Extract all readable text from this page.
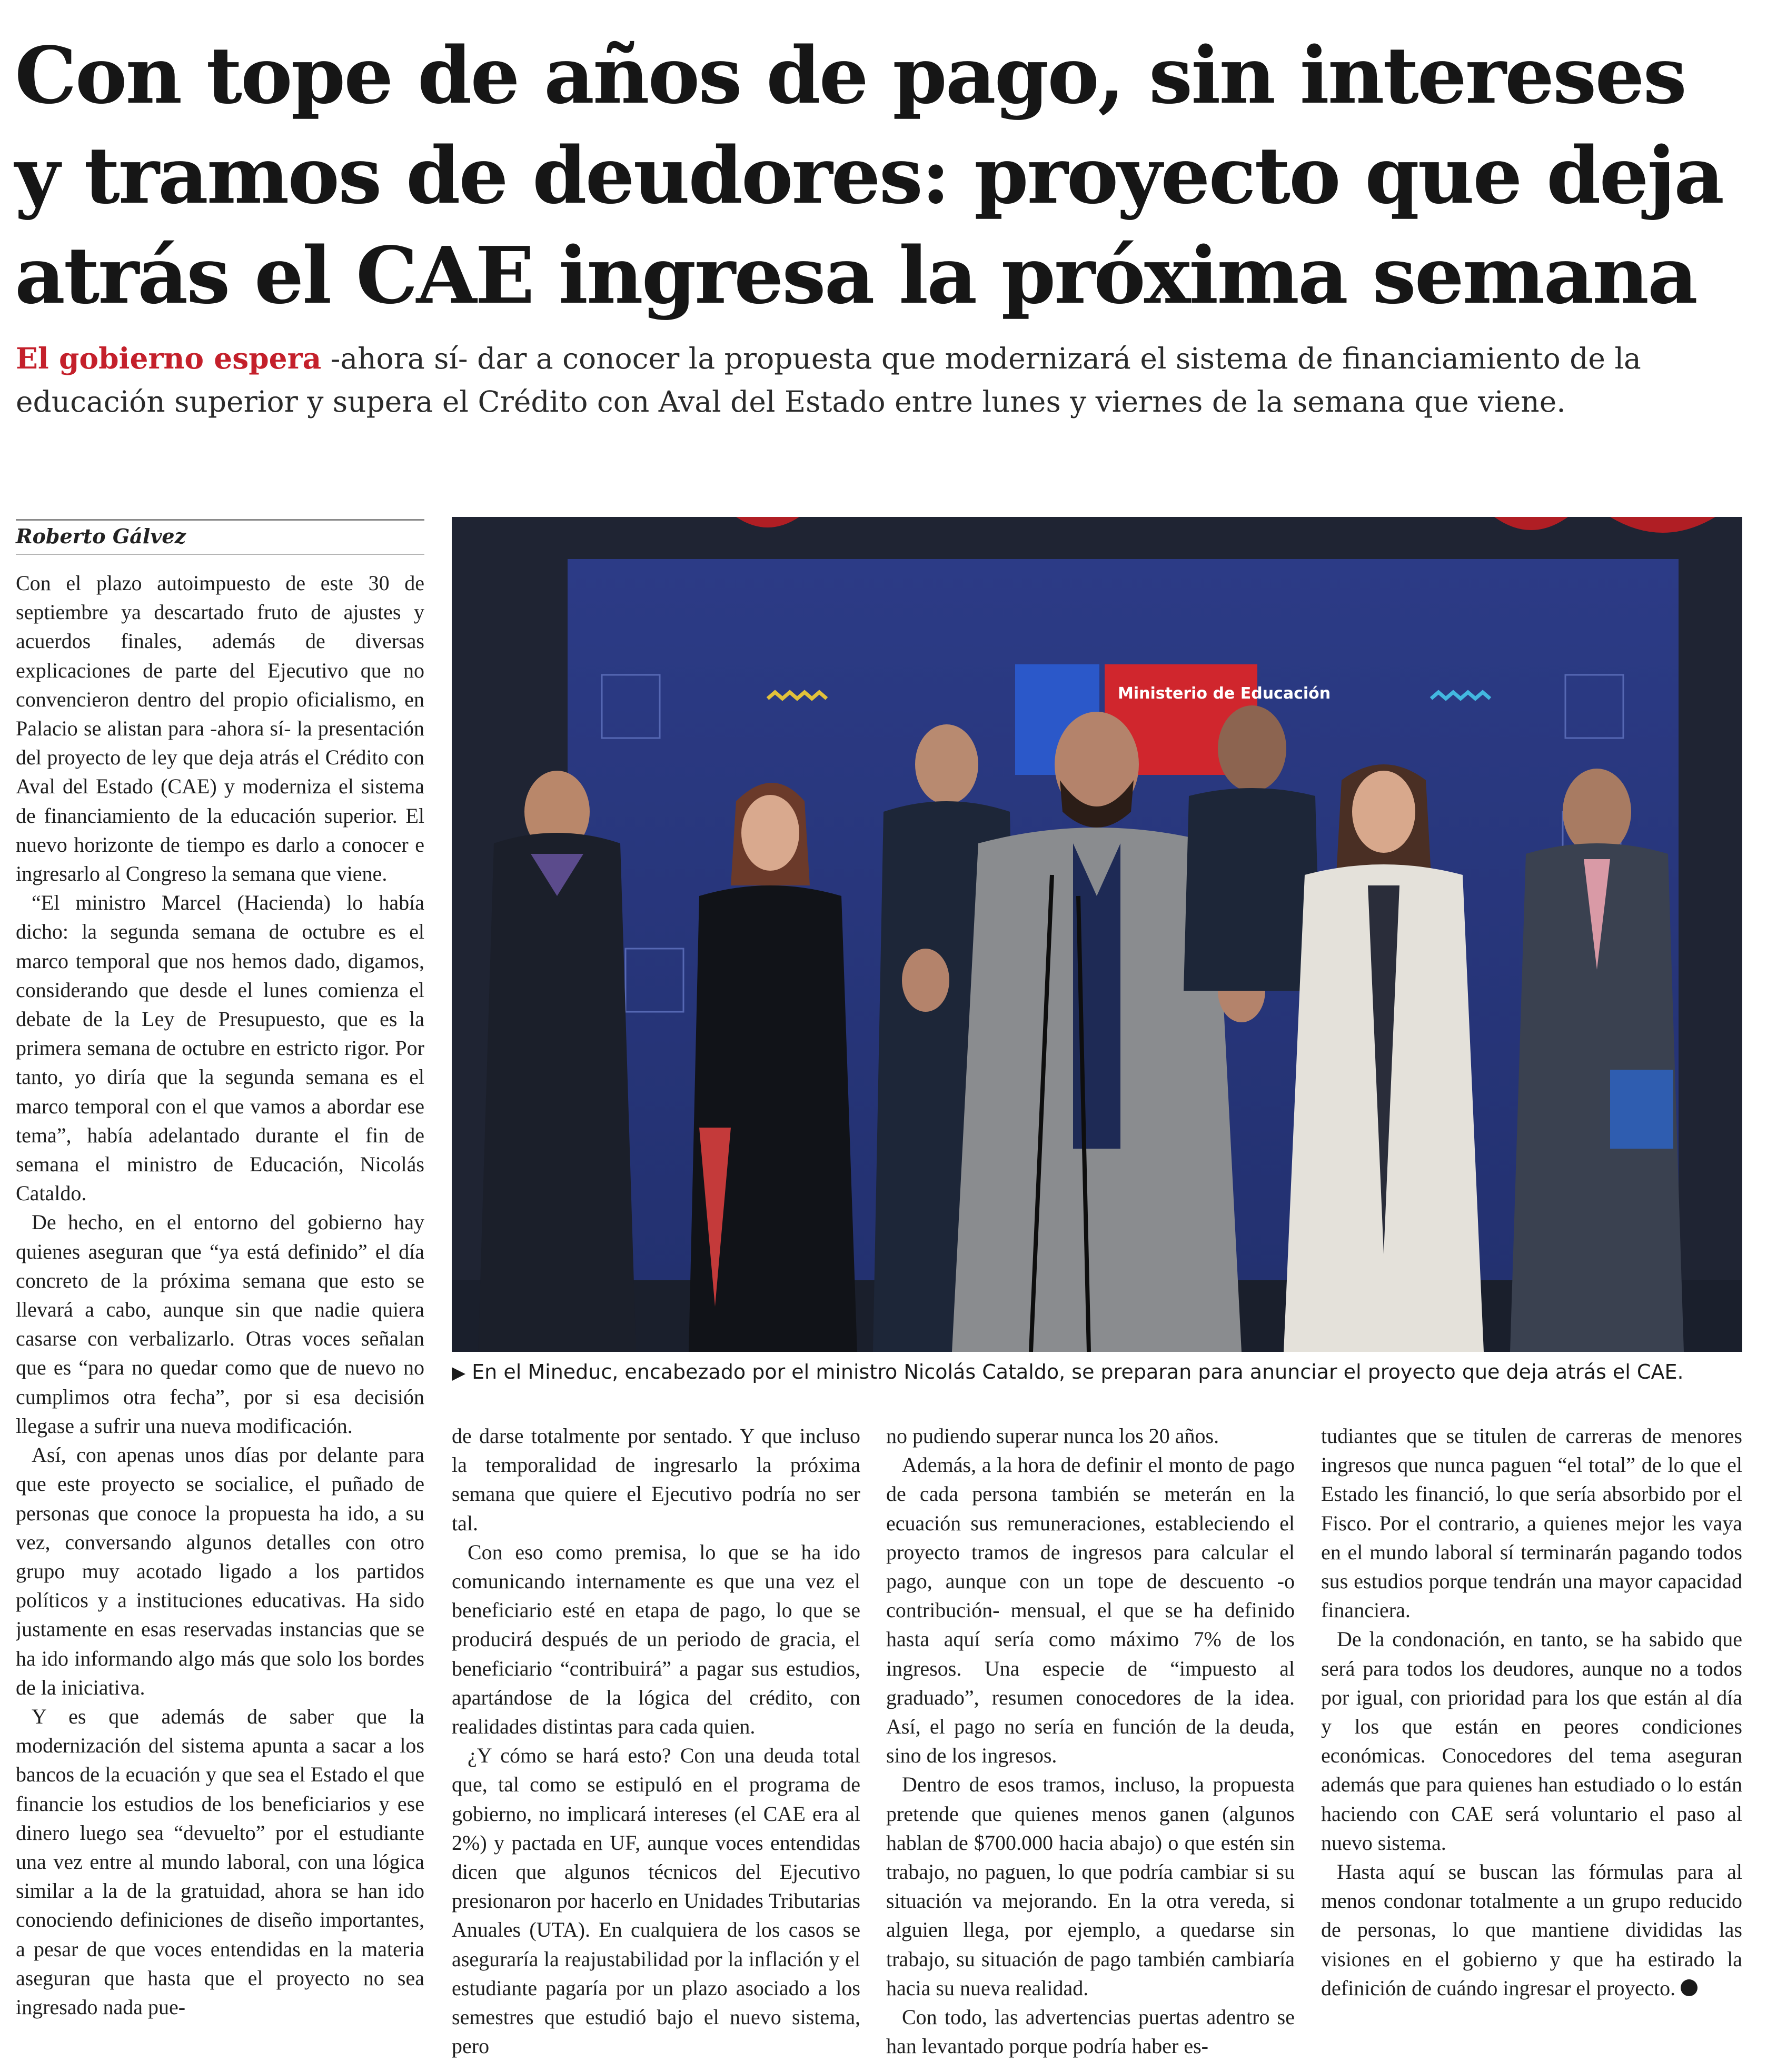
Con tope de años de pago, sin intereses y tramos de deudores: proyecto que deja atrás el CAE ingresa la próxima semana
El gobierno espera -ahora sí- dar a conocer la propuesta que modernizará el sistema de financiamiento de la educación superior y supera el Crédito con Aval del Estado entre lunes y viernes de la semana que viene.
Roberto Gálvez

Con el plazo autoimpuesto de este 30 de septiembre ya descartado fruto de ajustes y acuerdos finales, además de diversas explicaciones de parte del Ejecutivo que no convencieron dentro del propio oficialismo, en Palacio se alistan para -ahora sí- la presentación del proyecto de ley que deja atrás el Crédito con Aval del Estado (CAE) y moderniza el sistema de financiamiento de la educación superior. El nuevo horizonte de tiempo es darlo a conocer e ingresarlo al Congreso la semana que viene.

“El ministro Marcel (Hacienda) lo había dicho: la segunda semana de octubre es el marco temporal que nos hemos dado, digamos, considerando que desde el lunes comienza el debate de la Ley de Presupuesto, que es la primera semana de octubre en estricto rigor. Por tanto, yo diría que la segunda semana es el marco temporal con el que vamos a abordar ese tema”, había adelantado durante el fin de semana el ministro de Educación, Nicolás Cataldo.

De hecho, en el entorno del gobierno hay quienes aseguran que “ya está definido” el día concreto de la próxima semana que esto se llevará a cabo, aunque sin que nadie quiera casarse con verbalizarlo. Otras voces señalan que es “para no quedar como que de nuevo no cumplimos otra fecha”, por si esa decisión llegase a sufrir una nueva modificación.

Así, con apenas unos días por delante para que este proyecto se socialice, el puñado de personas que conoce la propuesta ha ido, a su vez, conversando algunos detalles con otro grupo muy acotado ligado a los partidos políticos y a instituciones educativas. Ha sido justamente en esas reservadas instancias que se ha ido informando algo más que solo los bordes de la iniciativa.

Y es que además de saber que la modernización del sistema apunta a sacar a los bancos de la ecuación y que sea el Estado el que financie los estudios de los beneficiarios y ese dinero luego sea “devuelto” por el estudiante una vez entre al mundo laboral, con una lógica similar a la de la gratuidad, ahora se han ido conociendo definiciones de diseño importantes, a pesar de que voces entendidas en la materia aseguran que hasta que el proyecto no sea ingresado nada pue-

Ministerio de Educación
▶ En el Mineduc, encabezado por el ministro Nicolás Cataldo, se preparan para anunciar el proyecto que deja atrás el CAE.

de darse totalmente por sentado. Y que incluso la temporalidad de ingresarlo la próxima semana que quiere el Ejecutivo podría no ser tal.

Con eso como premisa, lo que se ha ido comunicando internamente es que una vez el beneficiario esté en etapa de pago, lo que se producirá después de un periodo de gracia, el beneficiario “contribuirá” a pagar sus estudios, apartándose de la lógica del crédito, con realidades distintas para cada quien.

¿Y cómo se hará esto? Con una deuda total que, tal como se estipuló en el programa de gobierno, no implicará intereses (el CAE era al 2%) y pactada en UF, aunque voces entendidas dicen que algunos técnicos del Ejecutivo presionaron por hacerlo en Unidades Tributarias Anuales (UTA). En cualquiera de los casos se aseguraría la reajustabilidad por la inflación y el estudiante pagaría por un plazo asociado a los semestres que estudió bajo el nuevo sistema, pero

no pudiendo superar nunca los 20 años.

Además, a la hora de definir el monto de pago de cada persona también se meterán en la ecuación sus remuneraciones, estableciendo el proyecto tramos de ingresos para calcular el pago, aunque con un tope de descuento -o contribución- mensual, el que se ha definido hasta aquí sería como máximo 7% de los ingresos. Una especie de “impuesto al graduado”, resumen conocedores de la idea. Así, el pago no sería en función de la deuda, sino de los ingresos.

Dentro de esos tramos, incluso, la propuesta pretende que quienes menos ganen (algunos hablan de $700.000 hacia abajo) o que estén sin trabajo, no paguen, lo que podría cambiar si su situación va mejorando. En la otra vereda, si alguien llega, por ejemplo, a quedarse sin trabajo, su situación de pago también cambiaría hacia su nueva realidad.

Con todo, las advertencias puertas adentro se han levantado porque podría haber es-

tudiantes que se titulen de carreras de menores ingresos que nunca paguen “el total” de lo que el Estado les financió, lo que sería absorbido por el Fisco. Por el contrario, a quienes mejor les vaya en el mundo laboral sí terminarán pagando todos sus estudios porque tendrán una mayor capacidad financiera.

De la condonación, en tanto, se ha sabido que será para todos los deudores, aunque no a todos por igual, con prioridad para los que están al día y los que están en peores condiciones económicas. Conocedores del tema aseguran además que para quienes han estudiado o lo están haciendo con CAE será voluntario el paso al nuevo sistema.

Hasta aquí se buscan las fórmulas para al menos condonar totalmente a un grupo reducido de personas, lo que mantiene divididas las visiones en el gobierno y que ha estirado la definición de cuándo ingresar el proyecto.
